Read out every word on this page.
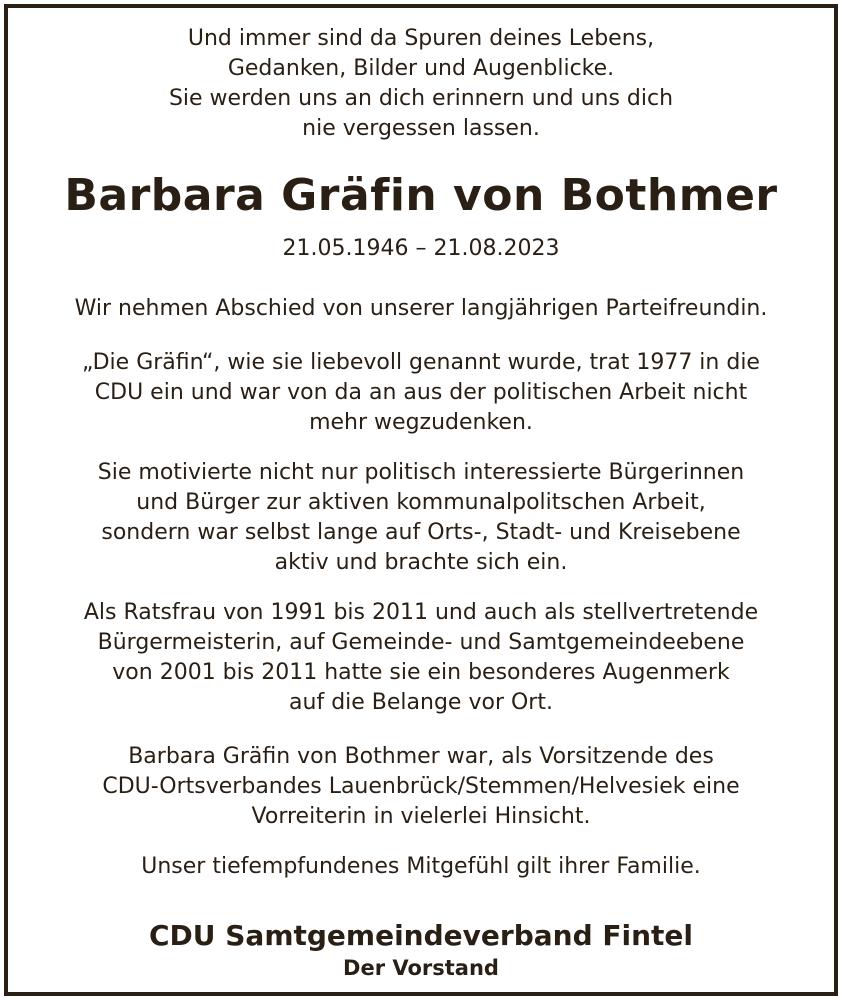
Und immer sind da Spuren deines Lebens,
Gedanken, Bilder und Augenblicke.
Sie werden uns an dich erinnern und uns dich
nie vergessen lassen.
Barbara Gräfin von Bothmer
21.05.1946 – 21.08.2023
Wir nehmen Abschied von unserer langjährigen Parteifreundin.
„Die Gräfin“, wie sie liebevoll genannt wurde, trat 1977 in die
CDU ein und war von da an aus der politischen Arbeit nicht
mehr wegzudenken.
Sie motivierte nicht nur politisch interessierte Bürgerinnen
und Bürger zur aktiven kommunalpolitschen Arbeit,
sondern war selbst lange auf Orts-, Stadt- und Kreisebene
aktiv und brachte sich ein.
Als Ratsfrau von 1991 bis 2011 und auch als stellvertretende
Bürgermeisterin, auf Gemeinde- und Samtgemeindeebene
von 2001 bis 2011 hatte sie ein besonderes Augenmerk
auf die Belange vor Ort.
Barbara Gräfin von Bothmer war, als Vorsitzende des
CDU-Ortsverbandes Lauenbrück/Stemmen/Helvesiek eine
Vorreiterin in vielerlei Hinsicht.
Unser tiefempfundenes Mitgefühl gilt ihrer Familie.
CDU Samtgemeindeverband Fintel
Der Vorstand
